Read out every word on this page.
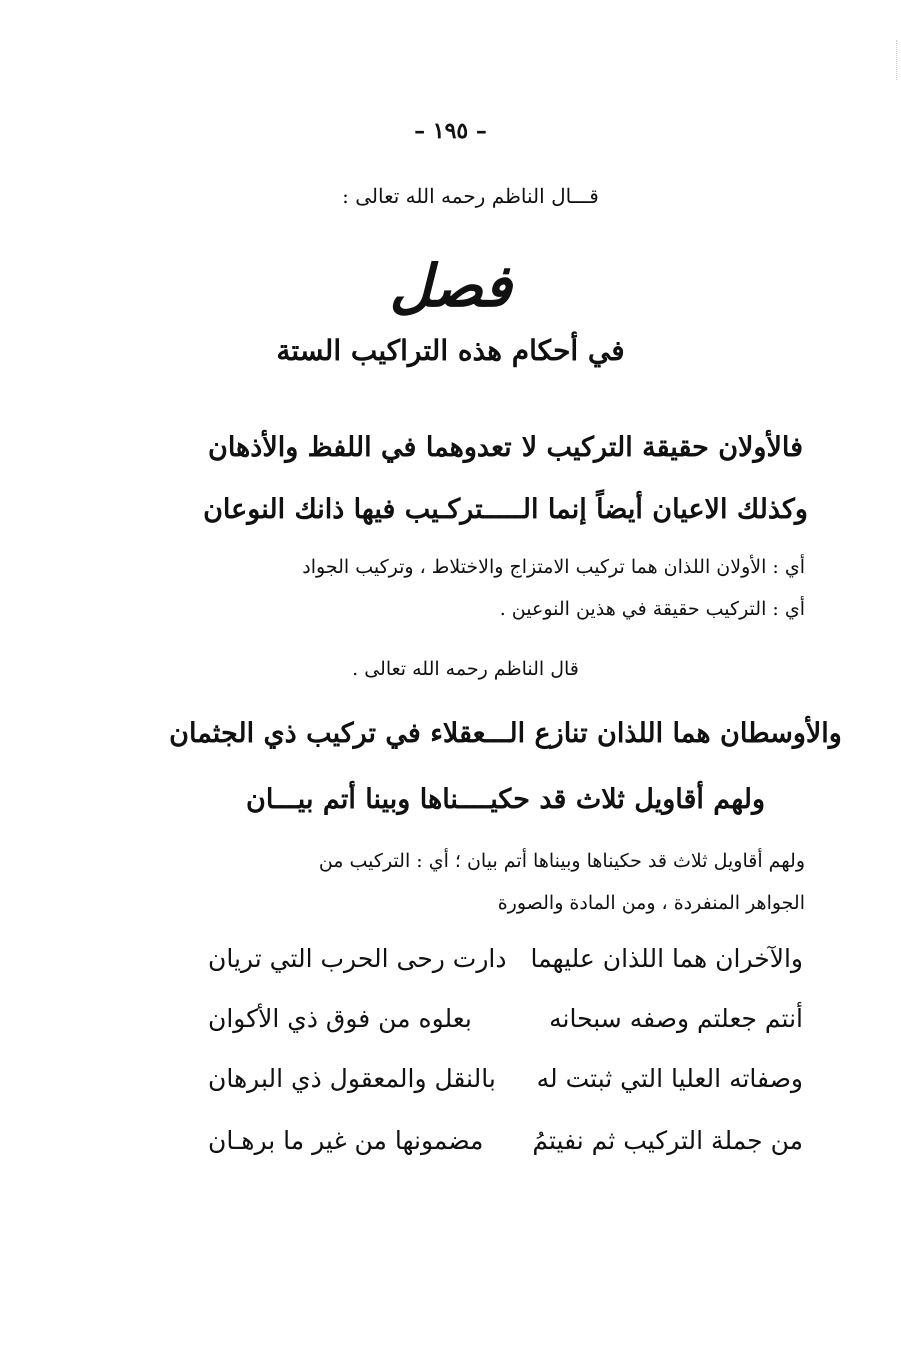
– ١٩٥ –
قـــال الناظم رحمه الله تعالى :
فصل
في أحكام هذه التراكيب الستة
فالأولان حقيقة التركيب لا
تعدوهما في اللفظ والأذهان
وكذلك الاعيان أيضاً إنما الـــــتركـيب فيها ذانك النوعان
أي : الأولان اللذان هما تركيب الامتزاج والاختلاط ، وتركيب الجواد
أي : التركيب حقيقة في هذين النوعين .
قال الناظم رحمه الله تعالى .
والأوسطان هما اللذان تنازع الـــعقلاء في تركيب ذي الجثمان
ولهم أقاويل ثلاث قد حكيــــناها وبينا أتم بيـــان
ولهم أقاويل ثلاث قد حكيناها وبيناها أتم بيان ؛ أي : التركيب من
الجواهر المنفردة ، ومن المادة والصورة
والآخران هما اللذان عليهما
دارت رحى الحرب التي تريان
أنتم جعلتم وصفه سبحانه
بعلوه من فوق ذي الأكوان
وصفاته العليا التي ثبتت له
بالنقل والمعقول ذي البرهان
من جملة التركيب ثم نفيتمُ
مضمونها من غير ما برهـان
